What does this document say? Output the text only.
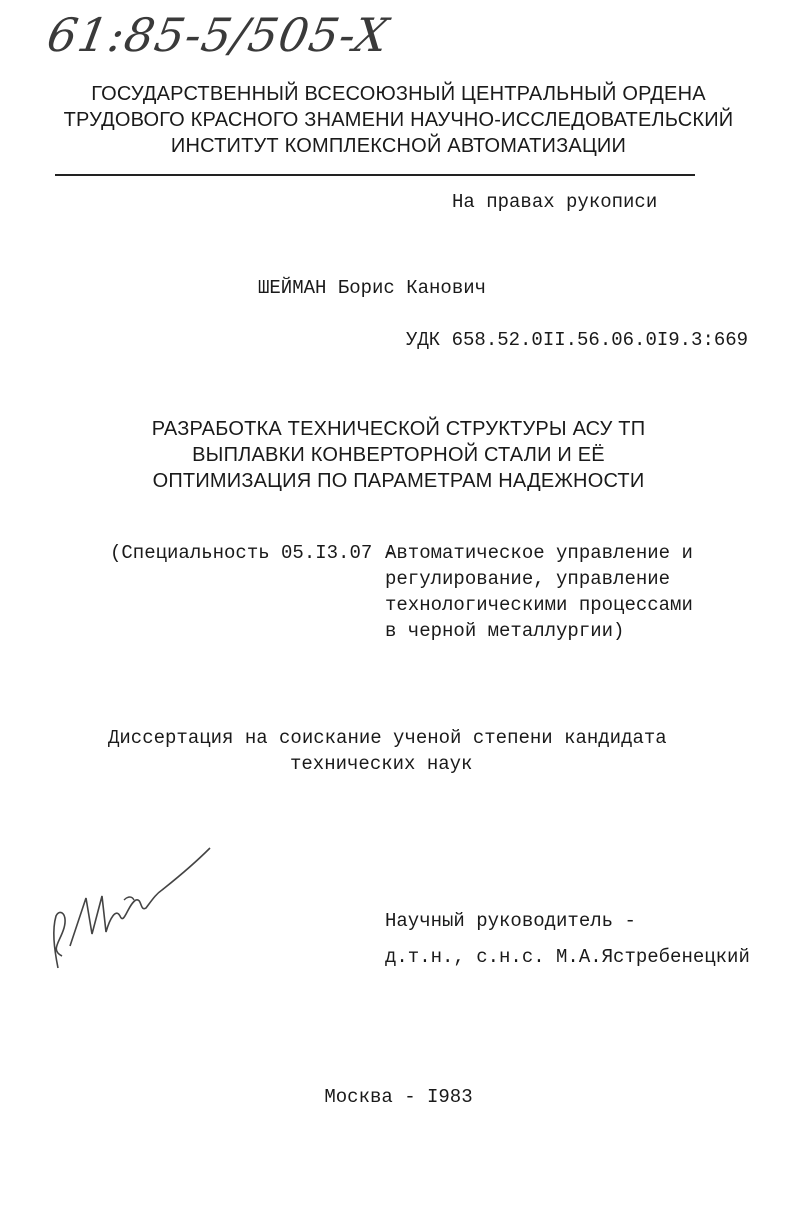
61:85-5/505-X
ГОСУДАРСТВЕННЫЙ ВСЕСОЮЗНЫЙ ЦЕНТРАЛЬНЫЙ ОРДЕНА
ТРУДОВОГО КРАСНОГО ЗНАМЕНИ НАУЧНО-ИССЛЕДОВАТЕЛЬСКИЙ
ИНСТИТУТ КОМПЛЕКСНОЙ АВТОМАТИЗАЦИИ
На правах рукописи
ШЕЙМАН Борис Канович
УДК 658.52.0II.56.06.0I9.3:669
РАЗРАБОТКА ТЕХНИЧЕСКОЙ СТРУКТУРЫ АСУ ТП
ВЫПЛАВКИ КОНВЕРТОРНОЙ СТАЛИ И ЕЁ
ОПТИМИЗАЦИЯ ПО ПАРАМЕТРАМ НАДЕЖНОСТИ
(Специальность 05.I3.07 -
Автоматическое управление и
регулирование, управление
технологическими процессами
в черной металлургии)
Диссертация на соискание ученой степени кандидата
технических наук
Научный руководитель -
д.т.н., с.н.с. М.А.Ястребенецкий
Москва - I983
